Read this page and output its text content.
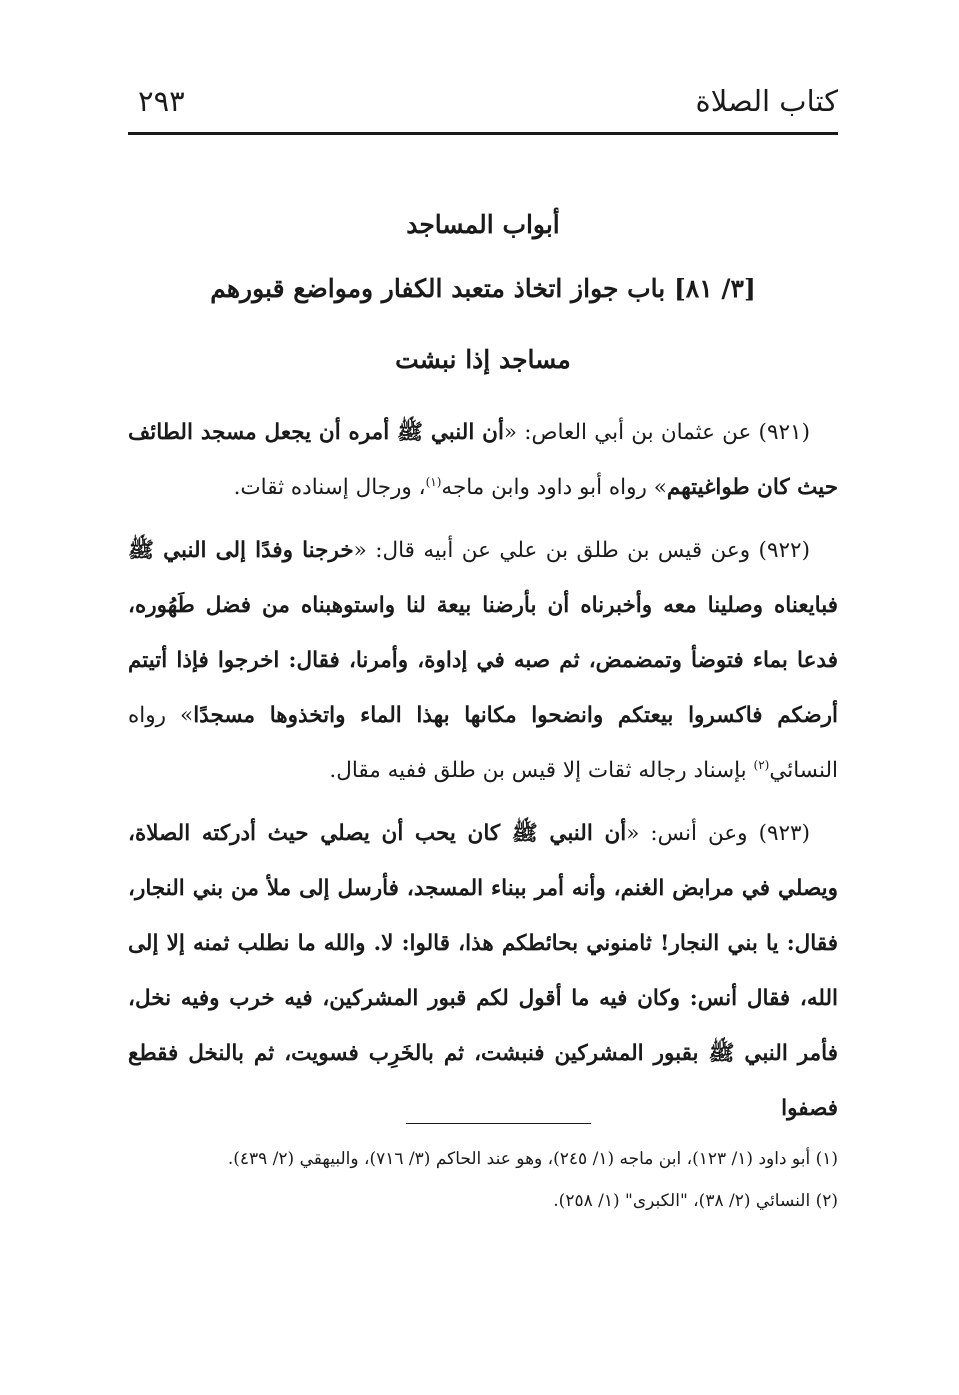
كتاب الصلاة
٢٩٣
أبواب المساجد
[٣/ ٨١] باب جواز اتخاذ متعبد الكفار ومواضع قبورهم
مساجد إذا نبشت

(٩٢١) عن عثمان بن أبي العاص: «أن النبي ﷺ أمره أن يجعل مسجد الطائف حيث كان طواغيتهم» رواه أبو داود وابن ماجه$^{(١)}$، ورجال إسناده ثقات.

(٩٢٢) وعن قيس بن طلق بن علي عن أبيه قال: «خرجنا وفدًا إلى النبي ﷺ فبايعناه وصلينا معه وأخبرناه أن بأرضنا بيعة لنا واستوهبناه من فضل طَهُوره، فدعا بماء فتوضأ وتمضمض، ثم صبه في إداوة، وأمرنا، فقال: اخرجوا فإذا أتيتم أرضكم فاكسروا بيعتكم وانضحوا مكانها بهذا الماء واتخذوها مسجدًا» رواه النسائي$^{(٢)}$ بإسناد رجاله ثقات إلا قيس بن طلق ففيه مقال.

(٩٢٣) وعن أنس: «أن النبي ﷺ كان يحب أن يصلي حيث أدركته الصلاة، ويصلي في مرابض الغنم، وأنه أمر ببناء المسجد، فأرسل إلى ملأ من بني النجار، فقال: يا بني النجار! ثامنوني بحائطكم هذا، قالوا: لا. والله ما نطلب ثمنه إلا إلى الله، فقال أنس: وكان فيه ما أقول لكم قبور المشركين، فيه خرب وفيه نخل، فأمر النبي ﷺ بقبور المشركين فنبشت، ثم بالخَرِب فسويت، ثم بالنخل فقطع فصفوا

(١) أبو داود (١/ ١٢٣)، ابن ماجه (١/ ٢٤٥)، وهو عند الحاكم (٣/ ٧١٦)، والبيهقي (٢/ ٤٣٩).

(٢) النسائي (٢/ ٣٨)، "الكبرى" (١/ ٢٥٨).
